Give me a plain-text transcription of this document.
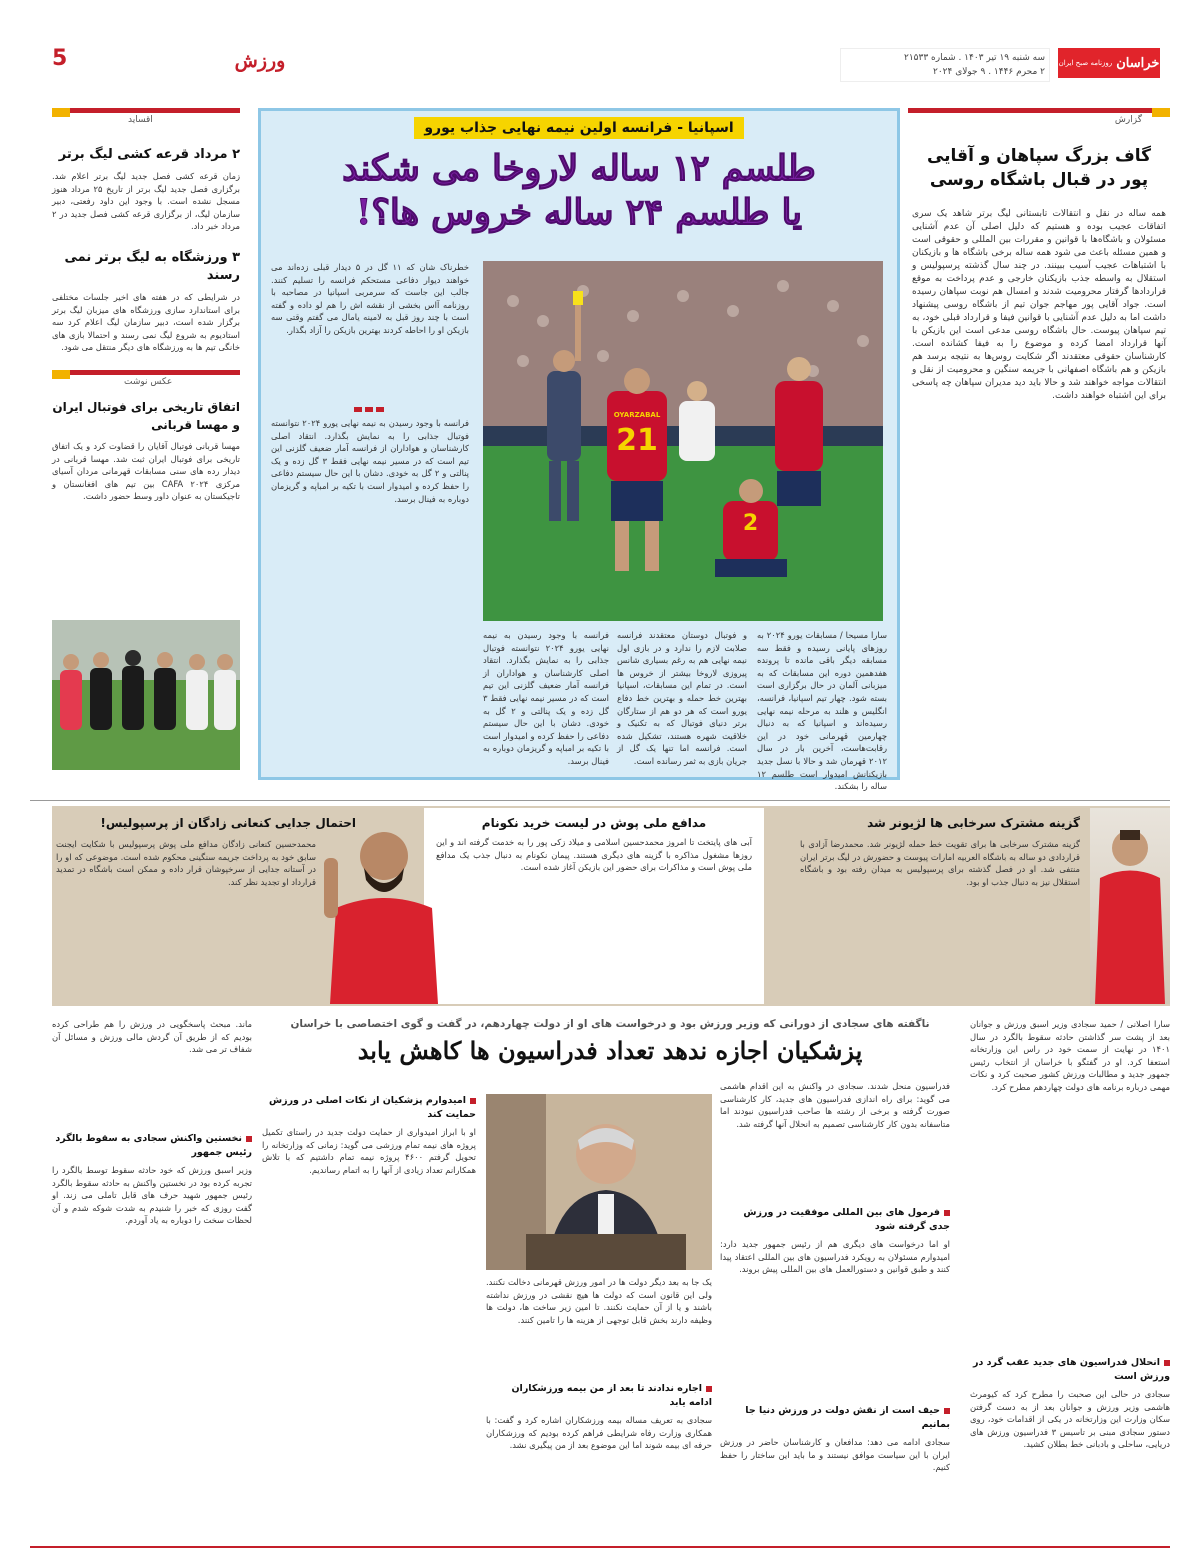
خراسان
روزنامه صبح ایران
سه شنبه ۱۹ تیر ۱۴۰۳ . شماره ۲۱۵۳۳
۲ محرم ۱۴۴۶ . ۹ جولای ۲۰۲۴
ورزش
5
گزارش
گاف بزرگ سپاهان و آقایی پور در قبال باشگاه روسی
همه ساله در نقل و انتقالات تابستانی لیگ برتر شاهد یک سری اتفاقات عجیب بوده و هستیم که دلیل اصلی آن عدم آشنایی مسئولان و باشگاه‌ها با قوانین و مقررات بین المللی و حقوقی است و همین مسئله باعث می شود همه ساله برخی باشگاه ها و بازیکنان با اشتباهات عجیب آسیب ببینند. در چند سال گذشته پرسپولیس و استقلال به واسطه جذب بازیکنان خارجی و عدم پرداخت به موقع قراردادها گرفتار محرومیت شدند و امسال هم نوبت سپاهان رسیده است. جواد آقایی پور مهاجم جوان تیم از باشگاه روسی پیشنهاد داشت اما به دلیل عدم آشنایی با قوانین فیفا و قرارداد قبلی خود، به تیم سپاهان پیوست. حال باشگاه روسی مدعی است این بازیکن با آنها قرارداد امضا کرده و موضوع را به فیفا کشانده است. کارشناسان حقوقی معتقدند اگر شکایت روس‌ها به نتیجه برسد هم بازیکن و هم باشگاه اصفهانی با جریمه سنگین و محرومیت از نقل و انتقالات مواجه خواهند شد و حالا باید دید مدیران سپاهان چه پاسخی برای این اشتباه خواهند داشت.
اسپانیا - فرانسه اولین نیمه نهایی جذاب یورو
طلسم ۱۲ ساله لاروخا می شکند
یا طلسم ۲۴ ساله خروس ها؟!
OYARZABAL
21
2
خطرناک شان که ۱۱ گل در ۵ دیدار قبلی زده‌اند می خواهند دیوار دفاعی مستحکم فرانسه را تسلیم کنند. جالب این جاست که سرمربی اسپانیا در مصاحبه با روزنامه آاس بخشی از نقشه اش را هم لو داده و گفته است با چند روز قبل به لامینه یامال می گفتم وقتی سه بازیکن او را احاطه کردند بهترین بازیکن را آزاد بگذار.
فرانسه با وجود رسیدن به نیمه نهایی یورو ۲۰۲۴ نتوانسته فوتبال جذابی را به نمایش بگذارد. انتقاد اصلی کارشناسان و هواداران از فرانسه آمار ضعیف گلزنی این تیم است که در مسیر نیمه نهایی فقط ۳ گل زده و یک پنالتی و ۲ گل به خودی. دشان با این حال سیستم دفاعی را حفظ کرده و امیدوار است با تکیه بر امباپه و گریزمان دوباره به فینال برسد.
سارا مسیحا / مسابقات یورو ۲۰۲۴ به روزهای پایانی رسیده و فقط سه مسابقه دیگر باقی مانده تا پرونده هفدهمین دوره این مسابقات که به میزبانی آلمان در حال برگزاری است بسته شود. چهار تیم اسپانیا، فرانسه، انگلیس و هلند به مرحله نیمه نهایی رسیده‌اند و اسپانیا که به دنبال چهارمین قهرمانی خود در این رقابت‌هاست، آخرین بار در سال ۲۰۱۲ قهرمان شد و حالا با نسل جدید بازیکنانش امیدوار است طلسم ۱۲ ساله را بشکند.
و فوتبال دوستان معتقدند فرانسه صلابت لازم را ندارد و در بازی اول نیمه نهایی هم به رغم بسیاری شانس پیروزی لاروخا بیشتر از خروس ها است. در تمام این مسابقات، اسپانیا بهترین خط حمله و بهترین خط دفاع یورو است که هر دو هم از ستارگان برتر دنیای فوتبال که به تکنیک و خلاقیت شهره هستند، تشکیل شده است. فرانسه اما تنها یک گل از جریان بازی به ثمر رسانده است.
فرانسه با وجود رسیدن به نیمه نهایی یورو ۲۰۲۴ نتوانسته فوتبال جذابی را به نمایش بگذارد. انتقاد اصلی کارشناسان و هواداران از فرانسه آمار ضعیف گلزنی این تیم است که در مسیر نیمه نهایی فقط ۳ گل زده و یک پنالتی و ۲ گل به خودی. دشان با این حال سیستم دفاعی را حفظ کرده و امیدوار است با تکیه بر امباپه و گریزمان دوباره به فینال برسد.
اقساید
۲ مرداد قرعه کشی لیگ برتر
زمان قرعه کشی فصل جدید لیگ برتر اعلام شد. برگزاری فصل جدید لیگ برتر از تاریخ ۲۵ مرداد هنوز مسجل نشده است. با وجود این داود رفعتی، دبیر سازمان لیگ، از برگزاری قرعه کشی فصل جدید در ۲ مرداد خبر داد.
۳ ورزشگاه به لیگ برتر نمی رسند
در شرایطی که در هفته های اخیر جلسات مختلفی برای استاندارد سازی ورزشگاه های میزبان لیگ برتر برگزار شده است، دبیر سازمان لیگ اعلام کرد سه استادیوم به شروع لیگ نمی رسند و احتمالا بازی های خانگی تیم ها به ورزشگاه های دیگر منتقل می شود.
عکس نوشت
اتفاق تاریخی برای فوتبال ایران و مهسا قربانی
مهسا قربانی فوتبال آقایان را قضاوت کرد و یک اتفاق تاریخی برای فوتبال ایران ثبت شد. مهسا قربانی در دیدار رده های سنی مسابقات قهرمانی مردان آسیای مرکزی CAFA ۲۰۲۴ بین تیم های افغانستان و تاجیکستان به عنوان داور وسط حضور داشت.
گزینه مشترک سرخابی ها لژیونر شد
گزینه مشترک سرخابی ها برای تقویت خط حمله لژیونر شد. محمدرضا آزادی با قراردادی دو ساله به باشگاه العربیه امارات پیوست و حضورش در لیگ برتر ایران منتفی شد. او در فصل گذشته برای پرسپولیس به میدان رفته بود و باشگاه استقلال نیز به دنبال جذب او بود.
مدافع ملی پوش در لیست خرید نکونام
آبی های پایتخت تا امروز محمدحسین اسلامی و میلاد زکی پور را به خدمت گرفته اند و این روزها مشغول مذاکره با گزینه های دیگری هستند. پیمان نکونام به دنبال جذب یک مدافع ملی پوش است و مذاکرات برای حضور این بازیکن آغاز شده است.
احتمال جدایی کنعانی زادگان از پرسپولیس!
محمدحسین کنعانی زادگان مدافع ملی پوش پرسپولیس با شکایت ایجنت سابق خود به پرداخت جریمه سنگینی محکوم شده است. موضوعی که او را در آستانه جدایی از سرخپوشان قرار داده و ممکن است باشگاه در تمدید قرارداد او تجدید نظر کند.
ناگفته های سجادی از دورانی که وزیر ورزش بود و درخواست های او از دولت چهاردهم، در گفت و گوی اختصاصی با خراسان
پزشکیان اجازه ندهد تعداد فدراسیون ها کاهش یابد
سارا اصلانی / حمید سجادی وزیر اسبق ورزش و جوانان بعد از پشت سر گذاشتن حادثه سقوط بالگرد در سال ۱۴۰۱ در نهایت از سمت خود در راس این وزارتخانه استعفا کرد. او در گفتگو با خراسان از انتخاب رئیس جمهور جدید و مطالبات ورزش کشور صحبت کرد و نکات مهمی درباره برنامه های دولت چهاردهم مطرح کرد.
انحلال فدراسیون های جدید عقب گرد در ورزش است
سجادی در حالی این صحبت را مطرح کرد که کیومرث هاشمی وزیر ورزش و جوانان بعد از به دست گرفتن سکان وزارت این وزارتخانه در یکی از اقدامات خود، روی دستور سجادی مبنی بر تاسیس ۳ فدراسیون ورزش های دریایی، ساحلی و بادبانی خط بطلان کشید.
فدراسیون منحل شدند. سجادی در واکنش به این اقدام هاشمی می گوید: برای راه اندازی فدراسیون های جدید، کار کارشناسی صورت گرفته و برخی از رشته ها صاحب فدراسیون نبودند اما متاسفانه بدون کار کارشناسی تصمیم به انحلال آنها گرفته شد.
فرمول های بین المللی موفقیت در ورزش جدی گرفته شود
او اما درخواست های دیگری هم از رئیس جمهور جدید دارد: امیدوارم مسئولان به رویکرد فدراسیون های بین المللی اعتقاد پیدا کنند و طبق قوانین و دستورالعمل های بین المللی پیش بروند.
حیف است از نقش دولت در ورزش دنیا جا بمانیم
سجادی ادامه می دهد: مدافعان و کارشناسان حاضر در ورزش ایران با این سیاست موافق نیستند و ما باید این ساختار را حفظ کنیم.
یک جا به بعد دیگر دولت ها در امور ورزش قهرمانی دخالت نکنند. ولی این قانون است که دولت ها هیچ نقشی در ورزش نداشته باشند و یا از آن حمایت نکنند. تا امین زیر ساخت ها، دولت ها وظیفه دارند بخش قابل توجهی از هزینه ها را تامین کنند.
اجاره ندادند تا بعد از من بیمه ورزشکاران ادامه یابد
سجادی به تعریف مساله بیمه ورزشکاران اشاره کرد و گفت: با همکاری وزارت رفاه شرایطی فراهم کرده بودیم که ورزشکاران حرفه ای بیمه شوند اما این موضوع بعد از من پیگیری نشد.
امیدوارم پزشکیان از نکات اصلی در ورزش حمایت کند
او با ابراز امیدواری از حمایت دولت جدید در راستای تکمیل پروژه های نیمه تمام ورزشی می گوید: زمانی که وزارتخانه را تحویل گرفتم ۴۶۰۰ پروژه نیمه تمام داشتیم که با تلاش همکارانم تعداد زیادی از آنها را به اتمام رساندیم.
ماند. مبحث پاسخگویی در ورزش را هم طراحی کرده بودیم که از طریق آن گردش مالی ورزش و مسائل آن شفاف تر می شد.
نخستین واکنش سجادی به سقوط بالگرد رئیس جمهور
وزیر اسبق ورزش که خود حادثه سقوط توسط بالگرد را تجربه کرده بود در نخستین واکنش به حادثه سقوط بالگرد رئیس جمهور شهید حرف های قابل تاملی می زند. او گفت روزی که خبر را شنیدم به شدت شوکه شدم و آن لحظات سخت را دوباره به یاد آوردم.
